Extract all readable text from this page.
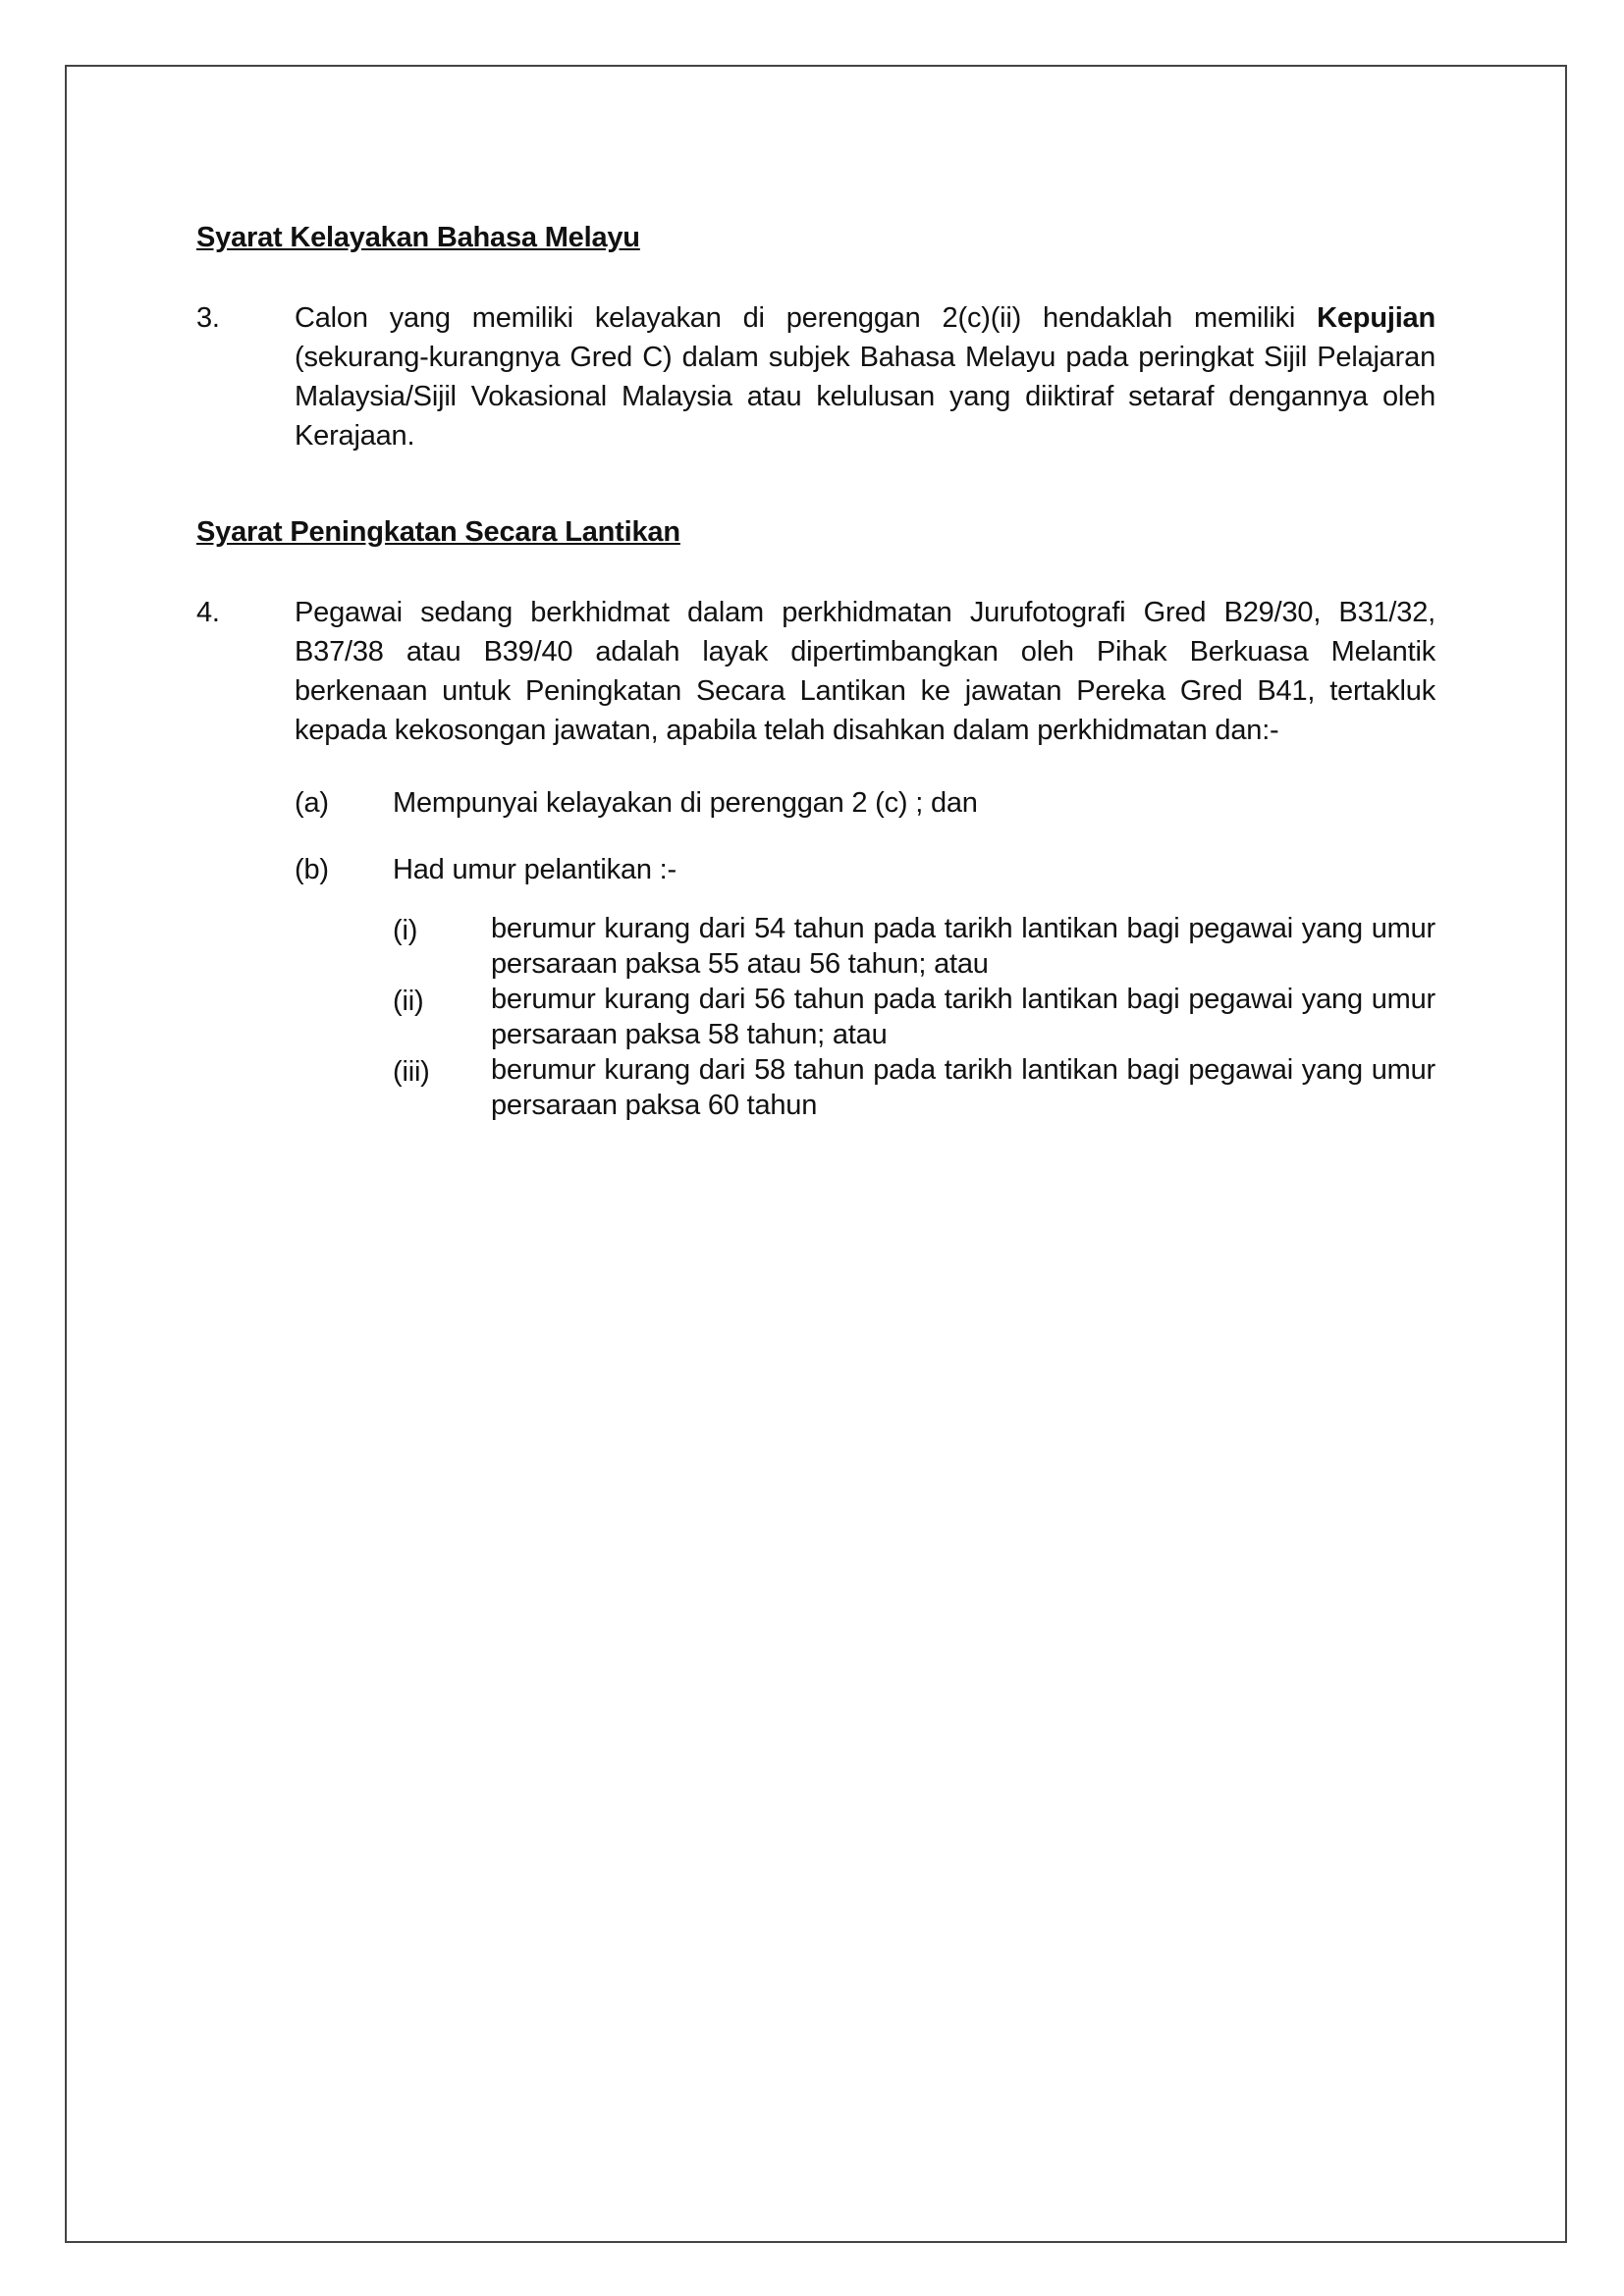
Syarat Kelayakan Bahasa Melayu

3.	Calon yang memiliki kelayakan di perenggan 2(c)(ii) hendaklah memiliki Kepujian (sekurang-kurangnya Gred C) dalam subjek Bahasa Melayu pada peringkat Sijil Pelajaran Malaysia/Sijil Vokasional Malaysia atau kelulusan yang diiktiraf setaraf dengannya oleh Kerajaan.

Syarat Peningkatan Secara Lantikan

4.	Pegawai sedang berkhidmat dalam perkhidmatan Jurufotografi Gred B29/30, B31/32, B37/38 atau B39/40 adalah layak dipertimbangkan oleh Pihak Berkuasa Melantik berkenaan untuk Peningkatan Secara Lantikan ke jawatan Pereka Gred B41, tertakluk kepada kekosongan jawatan, apabila telah disahkan dalam perkhidmatan dan:-
(a)	Mempunyai kelayakan di perenggan 2 (c) ; dan
(b)	Had umur pelantikan :-
(i)	berumur kurang dari 54 tahun pada tarikh lantikan bagi pegawai yang umur persaraan paksa 55 atau 56 tahun; atau
(ii)	berumur kurang dari 56 tahun pada tarikh lantikan bagi pegawai yang umur persaraan paksa 58 tahun; atau
(iii)	berumur kurang dari 58 tahun pada tarikh lantikan bagi pegawai yang umur persaraan paksa 60 tahun
